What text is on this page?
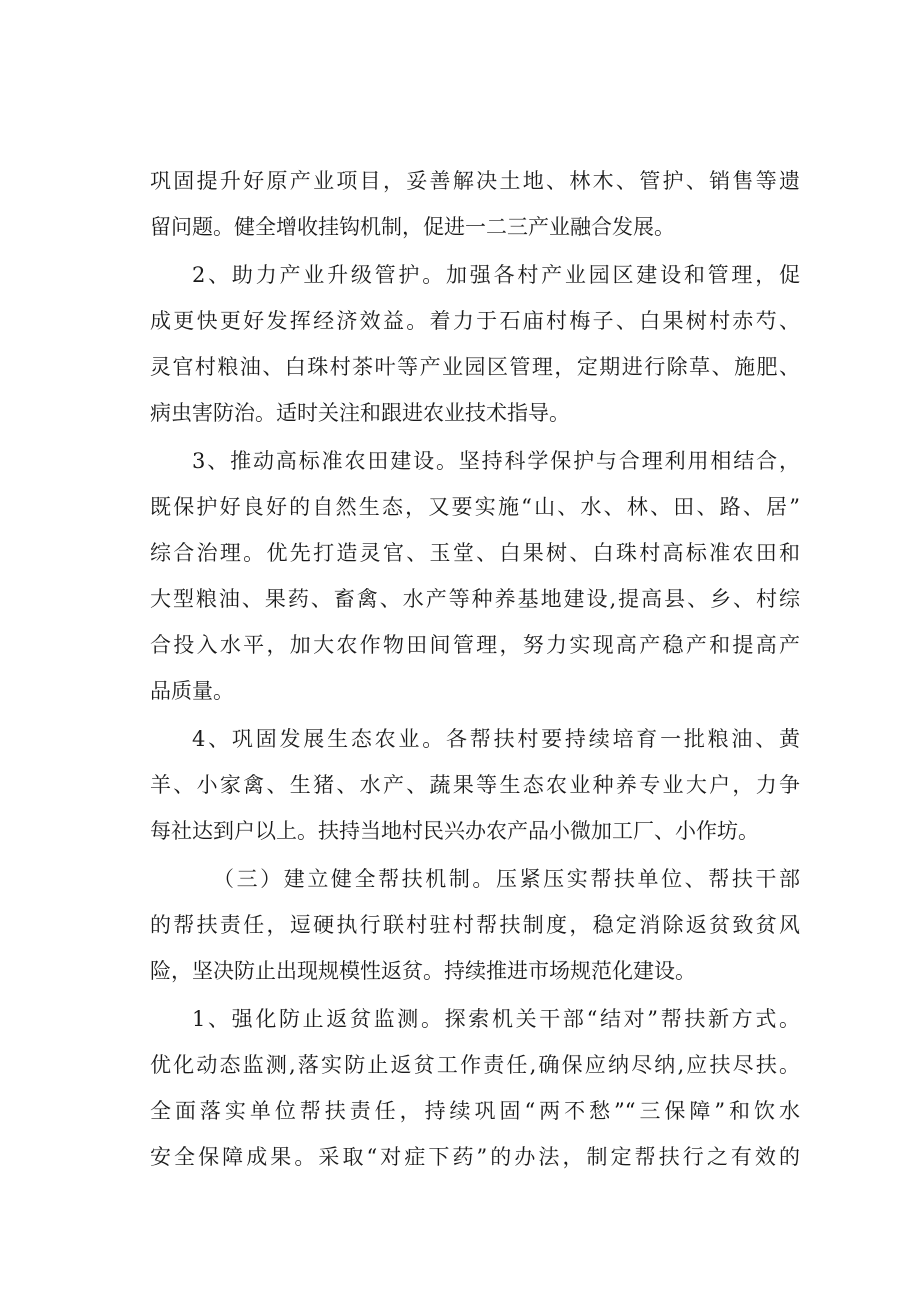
巩固提升好原产业项目，妥善解决土地、林木、管护、销售等遗
留问题。健全增收挂钩机制，促进一二三产业融合发展。
2、助力产业升级管护。加强各村产业园区建设和管理，促
成更快更好发挥经济效益。着力于石庙村梅子、白果树村赤芍、
灵官村粮油、白珠村茶叶等产业园区管理，定期进行除草、施肥、
病虫害防治。适时关注和跟进农业技术指导。
3、推动高标准农田建设。坚持科学保护与合理利用相结合，
既保护好良好的自然生态，又要实施“山、水、林、田、路、居”
综合治理。优先打造灵官、玉堂、白果树、白珠村高标准农田和
大型粮油、果药、畜禽、水产等种养基地建设,提高县、乡、村综
合投入水平，加大农作物田间管理，努力实现高产稳产和提高产
品质量。
4、巩固发展生态农业。各帮扶村要持续培育一批粮油、黄
羊、小家禽、生猪、水产、蔬果等生态农业种养专业大户，力争
每社达到户以上。扶持当地村民兴办农产品小微加工厂、小作坊。
（三）建立健全帮扶机制。压紧压实帮扶单位、帮扶干部
的帮扶责任，逗硬执行联村驻村帮扶制度，稳定消除返贫致贫风
险，坚决防止出现规模性返贫。持续推进市场规范化建设。
1、强化防止返贫监测。探索机关干部“结对”帮扶新方式。
优化动态监测,落实防止返贫工作责任,确保应纳尽纳,应扶尽扶。
全面落实单位帮扶责任，持续巩固“两不愁”“三保障”和饮水
安全保障成果。采取“对症下药”的办法，制定帮扶行之有效的
